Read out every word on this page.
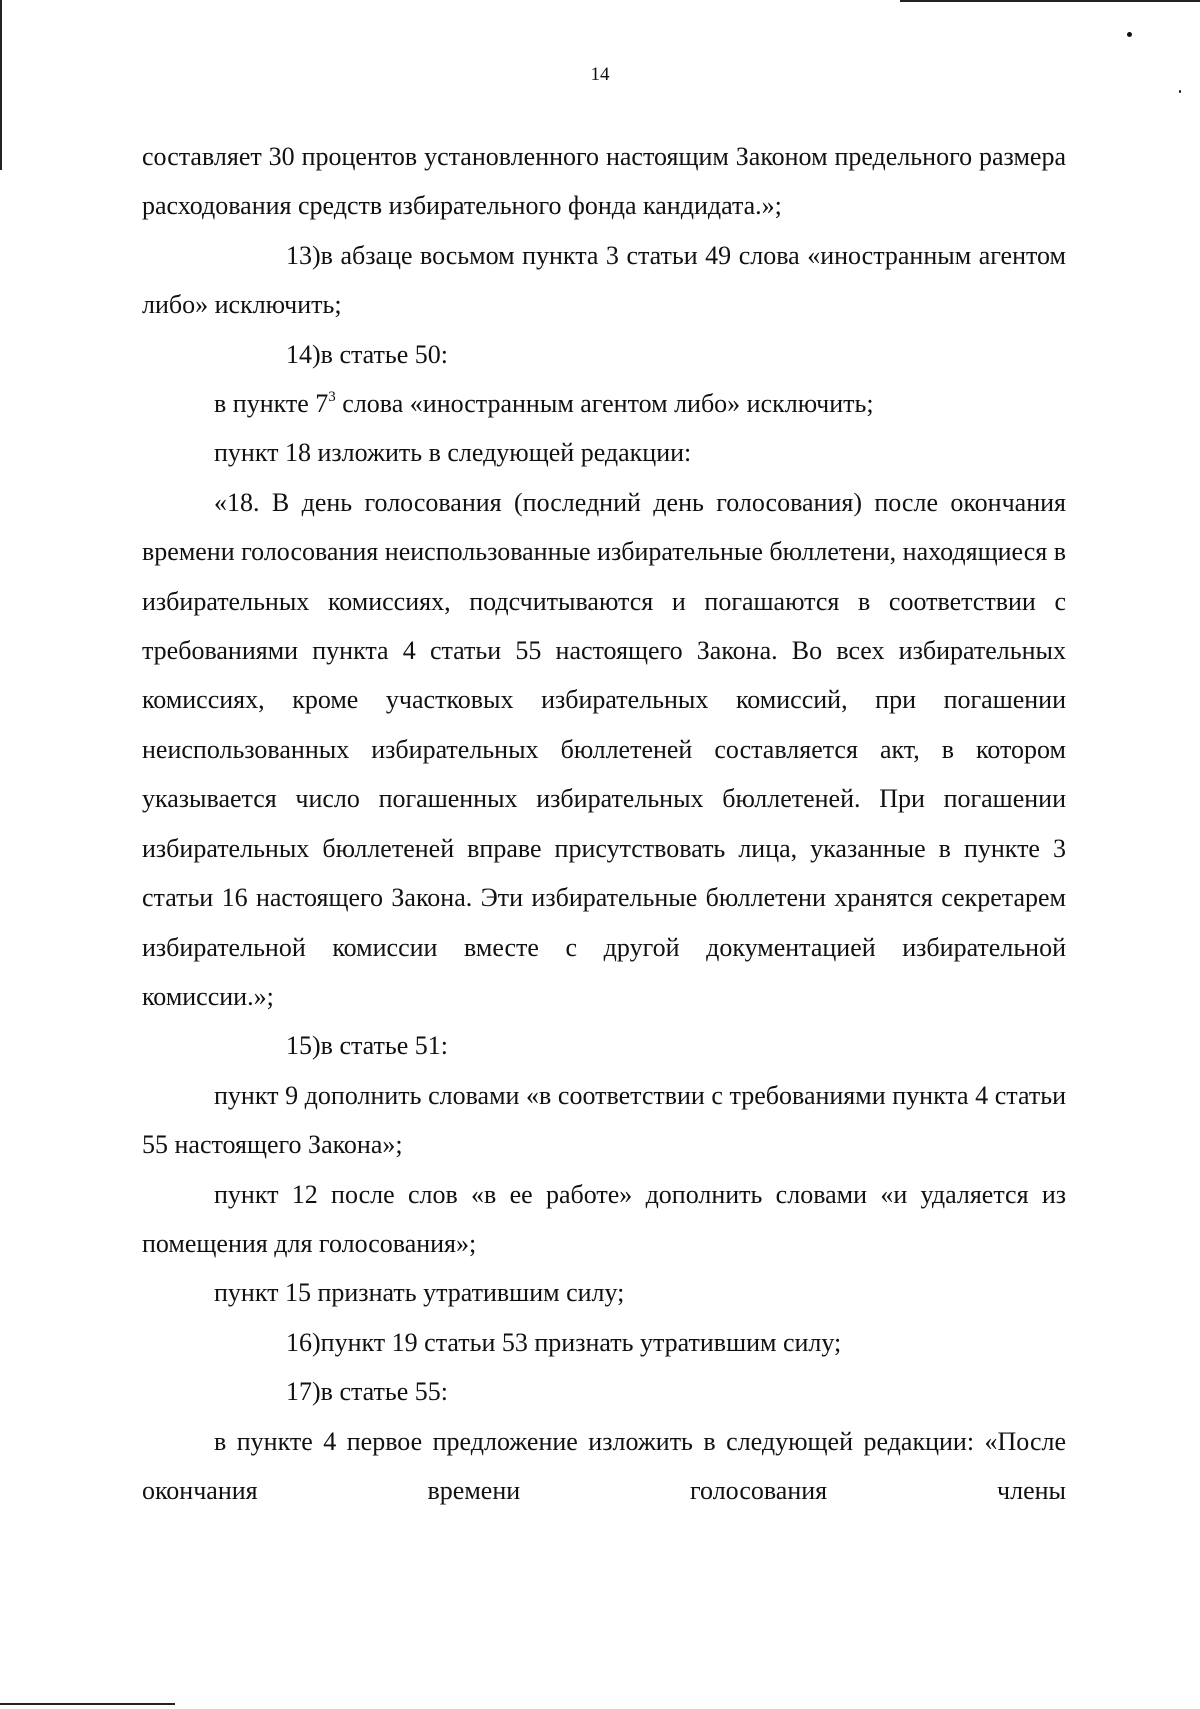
14

составляет 30 процентов установленного настоящим Законом предельного размера расходования средств избирательного фонда кандидата.»;

13)в абзаце восьмом пункта 3 статьи 49 слова «иностранным агентом либо» исключить;

14)в статье 50:

в пункте $7^3$ слова «иностранным агентом либо» исключить;

пункт 18 изложить в следующей редакции:

«18. В день голосования (последний день голосования) после окончания времени голосования неиспользованные избирательные бюллетени, находящиеся в избирательных комиссиях, подсчитываются и погашаются в соответствии с требованиями пункта 4 статьи 55 настоящего Закона. Во всех избирательных комиссиях, кроме участковых избирательных комиссий, при погашении неиспользованных избирательных бюллетеней составляется акт, в котором указывается число погашенных избирательных бюллетеней. При погашении избирательных бюллетеней вправе присутствовать лица, указанные в пункте 3 статьи 16 настоящего Закона. Эти избирательные бюллетени хранятся секретарем избирательной комиссии вместе с другой документацией избирательной комиссии.»;

15)в статье 51:

пункт 9 дополнить словами «в соответствии с требованиями пункта 4 статьи 55 настоящего Закона»;

пункт 12 после слов «в ее работе» дополнить словами «и удаляется из помещения для голосования»;

пункт 15 признать утратившим силу;

16)пункт 19 статьи 53 признать утратившим силу;

17)в статье 55:

в пункте 4 первое предложение изложить в следующей редакции: «После окончания времени голосования члены
